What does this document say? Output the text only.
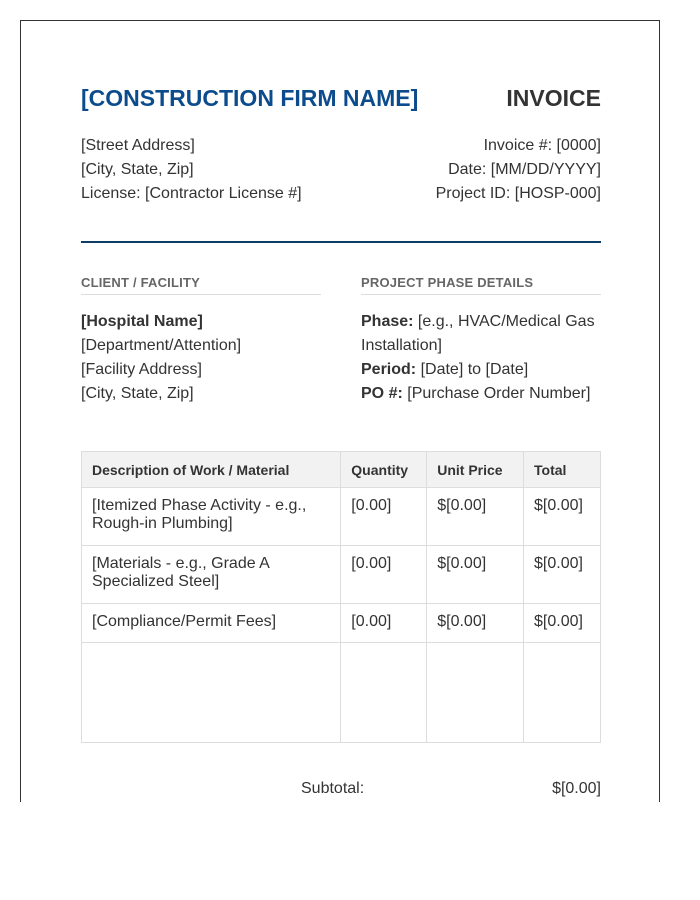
[CONSTRUCTION FIRM NAME]	INVOICE
[Street Address]
[City, State, Zip]
License: [Contractor License #]
Invoice #: [0000]
Date: [MM/DD/YYYY]
Project ID: [HOSP-000]
CLIENT / FACILITY	PROJECT PHASE DETAILS
[Hospital Name]
[Department/Attention]
[Facility Address]
[City, State, Zip]
Phase: [e.g., HVAC/Medical Gas Installation]
Period: [Date] to [Date]
PO #: [Purchase Order Number]
Description of Work / Material	Quantity	Unit Price	Total
[Itemized Phase Activity - e.g., Rough-in Plumbing]	[0.00]	$[0.00]	$[0.00]
[Materials - e.g., Grade A Specialized Steel]	[0.00]	$[0.00]	$[0.00]
[Compliance/Permit Fees]	[0.00]	$[0.00]	$[0.00]

Subtotal:	$[0.00]
